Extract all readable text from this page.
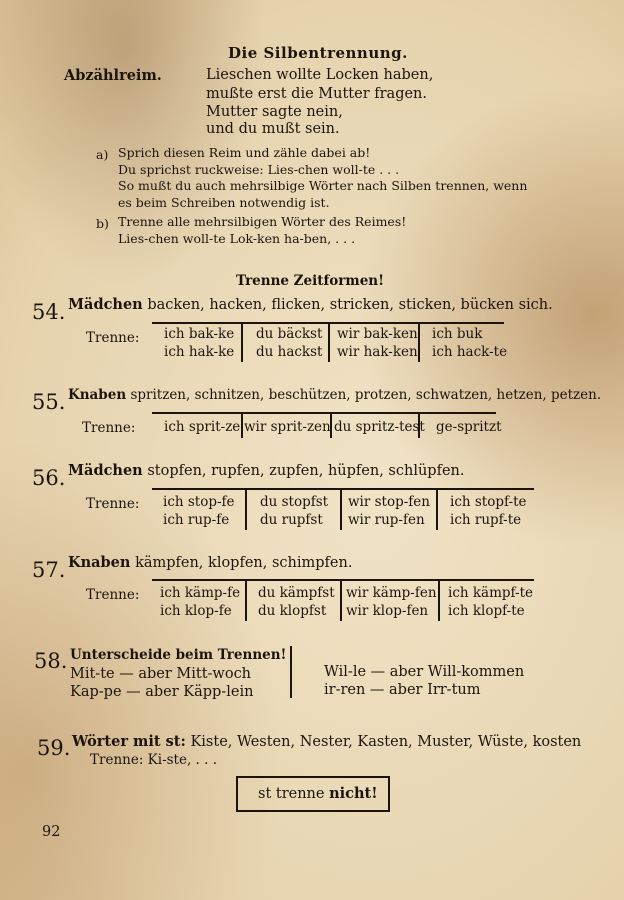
Die Silbentrennung.
Abzählreim.	Lieschen wollte Locken haben,
mußte erst die Mutter fragen.
Mutter sagte nein,
und du mußt sein.
a) Sprich diesen Reim und zähle dabei ab!
Du sprichst ruckweise: Lies-chen woll-te . . .
So mußt du auch mehrsilbige Wörter nach Silben trennen, wenn
es beim Schreiben notwendig ist.
b) Trenne alle mehrsilbigen Wörter des Reimes!
Lies-chen woll-te Lok-ken ha-ben, . . .
Trenne Zeitformen!
54. Mädchen backen, hacken, flicken, stricken, sticken, bücken sich.
Trenne: ich bak-ke du bäckst wir bak-ken ich buk
ich hak-ke du hackst wir hak-ken ich hack-te
55. Knaben spritzen, schnitzen, beschützen, protzen, schwatzen, hetzen, petzen.
Trenne: ich sprit-ze wir sprit-zen du spritz-test ge-spritzt
56. Mädchen stopfen, rupfen, zupfen, hüpfen, schlüpfen.
Trenne: ich stop-fe du stopfst wir stop-fen ich stopf-te
ich rup-fe du rupfst wir rup-fen ich rupf-te
57. Knaben kämpfen, klopfen, schimpfen.
Trenne: ich kämp-fe du kämpfst wir kämp-fen ich kämpf-te
ich klop-fe du klopfst wir klop-fen ich klopf-te
58. Unterscheide beim Trennen!
Mit-te — aber Mitt-woch
Kap-pe — aber Käpp-lein
Wil-le — aber Will-kommen
ir-ren — aber Irr-tum
59. Wörter mit st: Kiste, Westen, Nester, Kasten, Muster, Wüste, kosten
Trenne: Ki-ste, . . .
st trenne nicht!
92
